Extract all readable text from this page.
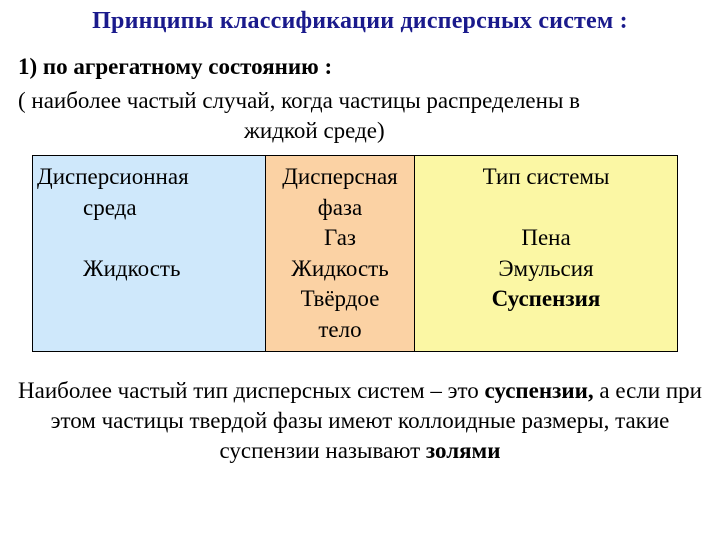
Принципы классификации дисперсных систем :
1) по агрегатному состоянию :
( наиболее частый случай, когда частицы распределены в
жидкой среде)
Дисперсионная
среда
Жидкость
Дисперсная
фаза
Газ
Жидкость
Твёрдое
тело
Тип системы
Пена
Эмульсия
Суспензия
Наиболее частый тип дисперсных систем – это суспензии, а если при этом частицы твердой фазы имеют коллоидные размеры, такие суспензии называют золями
